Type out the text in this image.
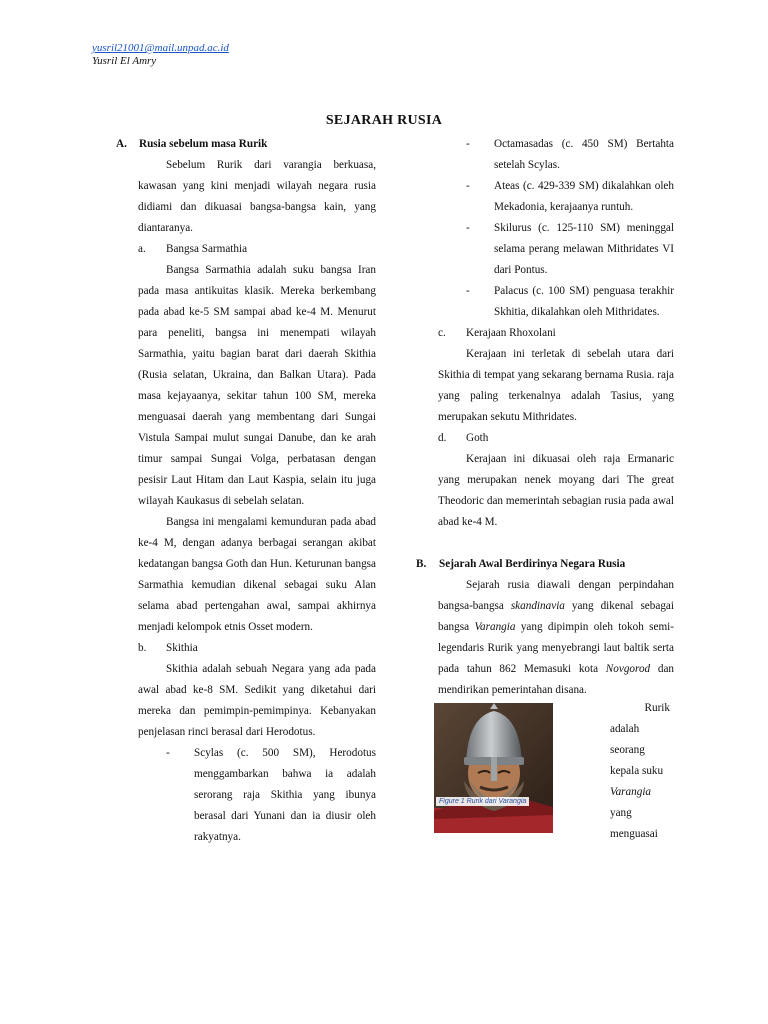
yusril21001@mail.unpad.ac.id
Yusril El Amry
SEJARAH RUSIA
A.	Rusia sebelum masa Rurik

Sebelum Rurik dari varangia berkuasa, kawasan yang kini menjadi wilayah negara rusia didiami dan dikuasai bangsa-bangsa kain, yang diantaranya.

a.	Bangsa Sarmathia

Bangsa Sarmathia adalah suku bangsa Iran pada masa antikuitas klasik. Mereka berkembang pada abad ke-5 SM sampai abad ke-4 M. Menurut para peneliti, bangsa ini menempati wilayah Sarmathia, yaitu bagian barat dari daerah Skithia (Rusia selatan, Ukraina, dan Balkan Utara). Pada masa kejayaanya, sekitar tahun 100 SM, mereka menguasai daerah yang membentang dari Sungai Vistula Sampai mulut sungai Danube, dan ke arah timur sampai Sungai Volga, perbatasan dengan pesisir Laut Hitam dan Laut Kaspia, selain itu juga wilayah Kaukasus di sebelah selatan.

Bangsa ini mengalami kemunduran pada abad ke-4 M, dengan adanya berbagai serangan akibat kedatangan bangsa Goth dan Hun. Keturunan bangsa Sarmathia kemudian dikenal sebagai suku Alan selama abad pertengahan awal, sampai akhirnya menjadi kelompok etnis Osset modern.

b.	Skithia

Skithia adalah sebuah Negara yang ada pada awal abad ke-8 SM. Sedikit yang diketahui dari mereka dan pemimpin-pemimpinya. Kebanyakan penjelasan rinci berasal dari Herodotus.

-	Scylas (c. 500 SM), Herodotus menggambarkan bahwa ia adalah serorang raja Skithia yang ibunya berasal dari Yunani dan ia diusir oleh rakyatnya.
-	Octamasadas (c. 450 SM) Bertahta setelah Scylas.
-	Ateas (c. 429-339 SM) dikalahkan oleh Mekadonia, kerajaanya runtuh.
-	Skilurus (c. 125-110 SM) meninggal selama perang melawan Mithridates VI dari Pontus.
-	Palacus (c. 100 SM) penguasa terakhir Skhitia, dikalahkan oleh Mithridates.
c.	Kerajaan Rhoxolani

Kerajaan ini terletak di sebelah utara dari Skithia di tempat yang sekarang bernama Rusia. raja yang paling terkenalnya adalah Tasius, yang merupakan sekutu Mithridates.

d.	Goth

Kerajaan ini dikuasai oleh raja Ermanaric yang merupakan nenek moyang dari The great Theodoric dan memerintah sebagian rusia pada awal abad ke-4 M.

B.	Sejarah Awal Berdirinya Negara Rusia

Sejarah rusia diawali dengan perpindahan bangsa-bangsa skandinavia yang dikenal sebagai bangsa Varangia yang dipimpin oleh tokoh semi-legendaris Rurik yang menyebrangi laut baltik serta pada tahun 862 Memasuki kota Novgorod dan mendirikan pemerintahan disana.

Figure 1 Rurik dari Varangia
Rurik
adalah
seorang
kepala suku
Varangia
yang
menguasai
